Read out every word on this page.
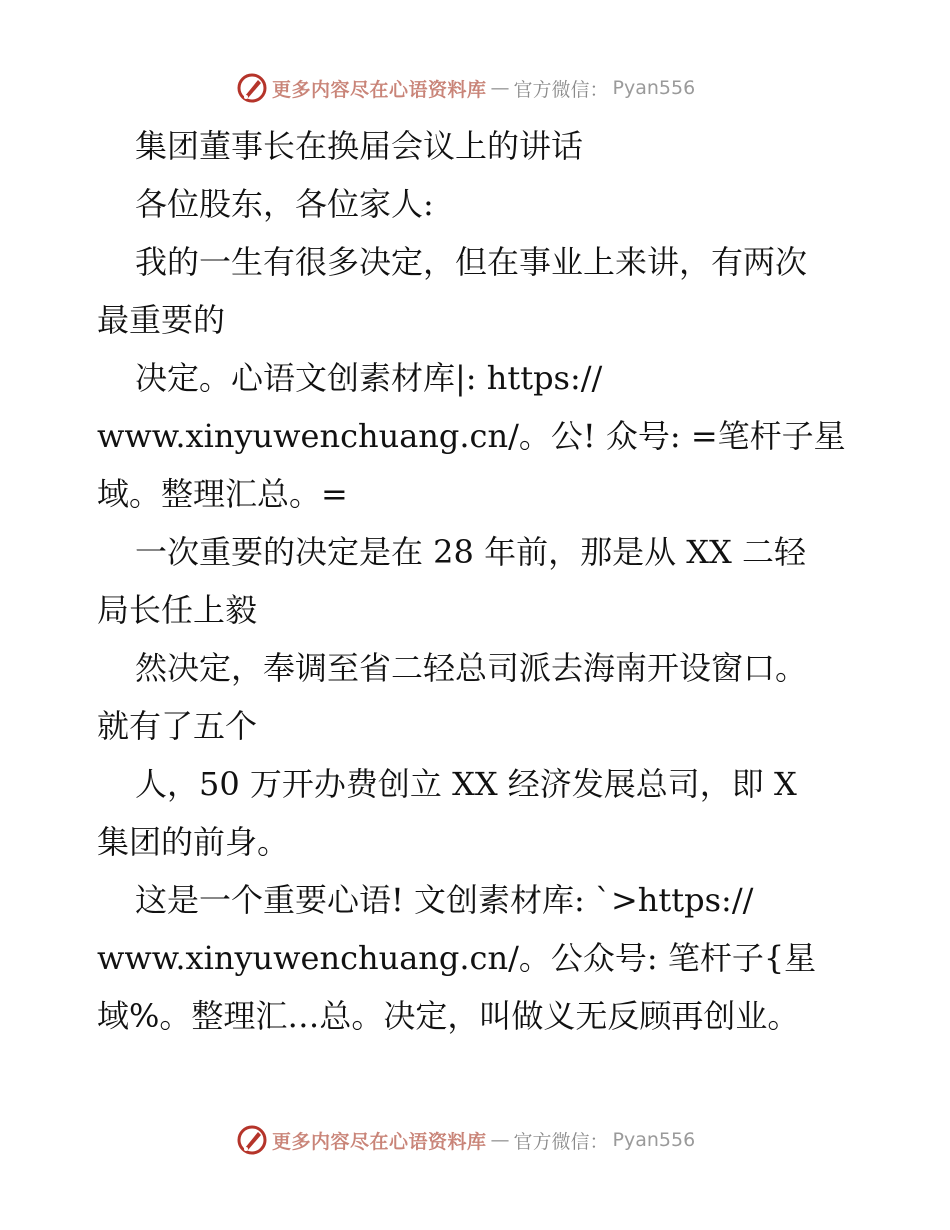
更多内容尽在心语资料库 — 官方微信： Pyan556

集团董事长在换届会议上的讲话

各位股东，各位家人:

我的一生有很多决定，但在事业上来讲，有两次

最重要的

决定。心语文创素材库|: https://

www.xinyuwenchuang.cn/。公! 众号: =笔杆子星

域。整理汇总。=

一次重要的决定是在 28 年前，那是从 XX 二轻

局长任上毅

然决定，奉调至省二轻总司派去海南开设窗口。

就有了五个

人，50 万开办费创立 XX 经济发展总司，即 X

集团的前身。

这是一个重要心语! 文创素材库: `>https://

www.xinyuwenchuang.cn/。公众号: 笔杆子{星

域%。整理汇…总。决定，叫做义无反顾再创业。

更多内容尽在心语资料库 — 官方微信： Pyan556
